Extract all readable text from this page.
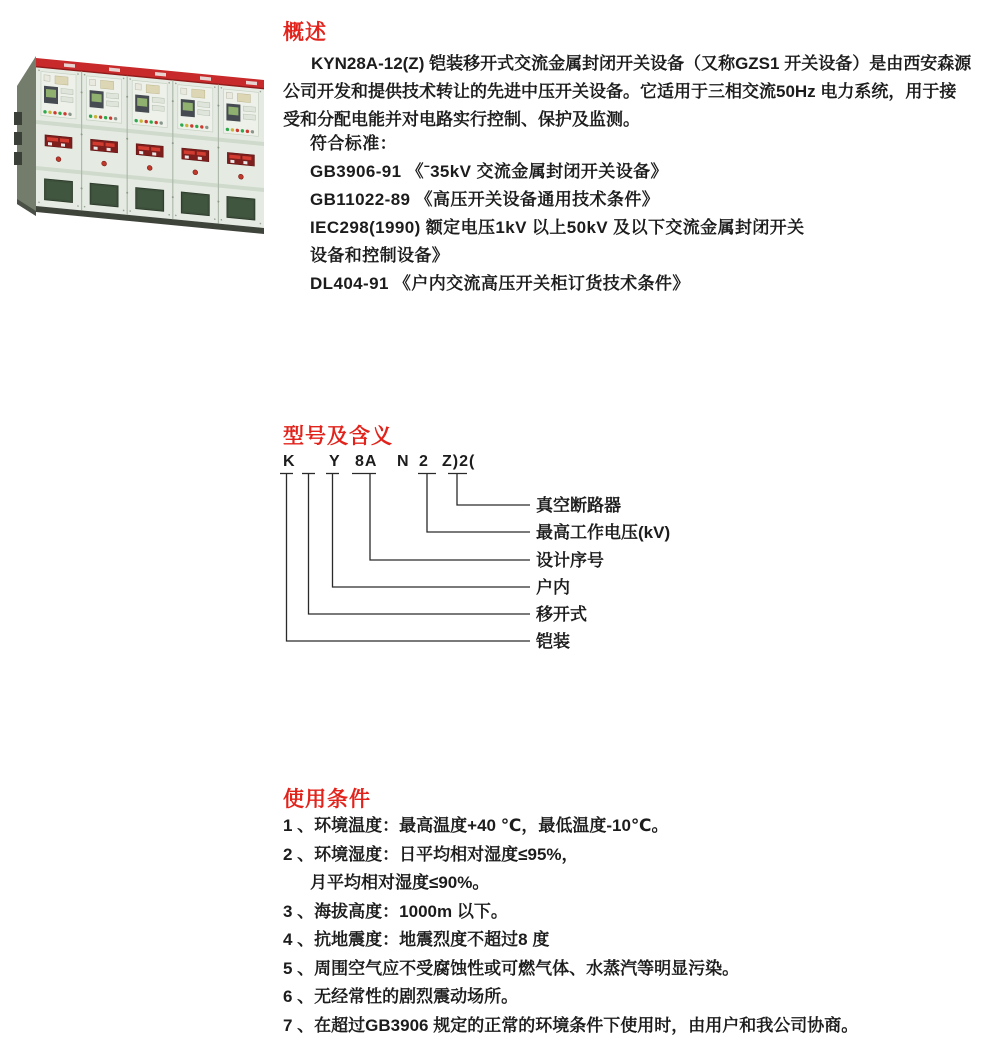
概述
KYN28A-12(Z) 铠装移开式交流金属封闭开关设备（又称GZS1 开关设备）是由西安森源
公司开发和提供技术转让的先进中压开关设备。它适用于三相交流50Hz 电力系统，用于接
受和分配电能并对电路实行控制、保护及监测。
符合标准：
GB3906-91 《ˉ35kV 交流金属封闭开关设备》
GB11022-89 《高压开关设备通用技术条件》
IEC298(1990) 额定电压1kV 以上50kV 及以下交流金属封闭开关
设备和控制设备》
DL404-91 《户内交流高压开关柜订货技术条件》
型号及含义
K Y 8A N 2 Z)2(
真空断路器
最高工作电压(kV)
设计序号
户内
移开式
铠装
使用条件
1 、环境温度：最高温度+40 ℃，最低温度-10℃。
2 、环境湿度：日平均相对湿度≤95%，
月平均相对湿度≤90%。
3 、海拔高度：1000m 以下。
4 、抗地震度：地震烈度不超过8 度
5 、周围空气应不受腐蚀性或可燃气体、水蒸汽等明显污染。
6 、无经常性的剧烈震动场所。
7 、在超过GB3906 规定的正常的环境条件下使用时，由用户和我公司协商。
